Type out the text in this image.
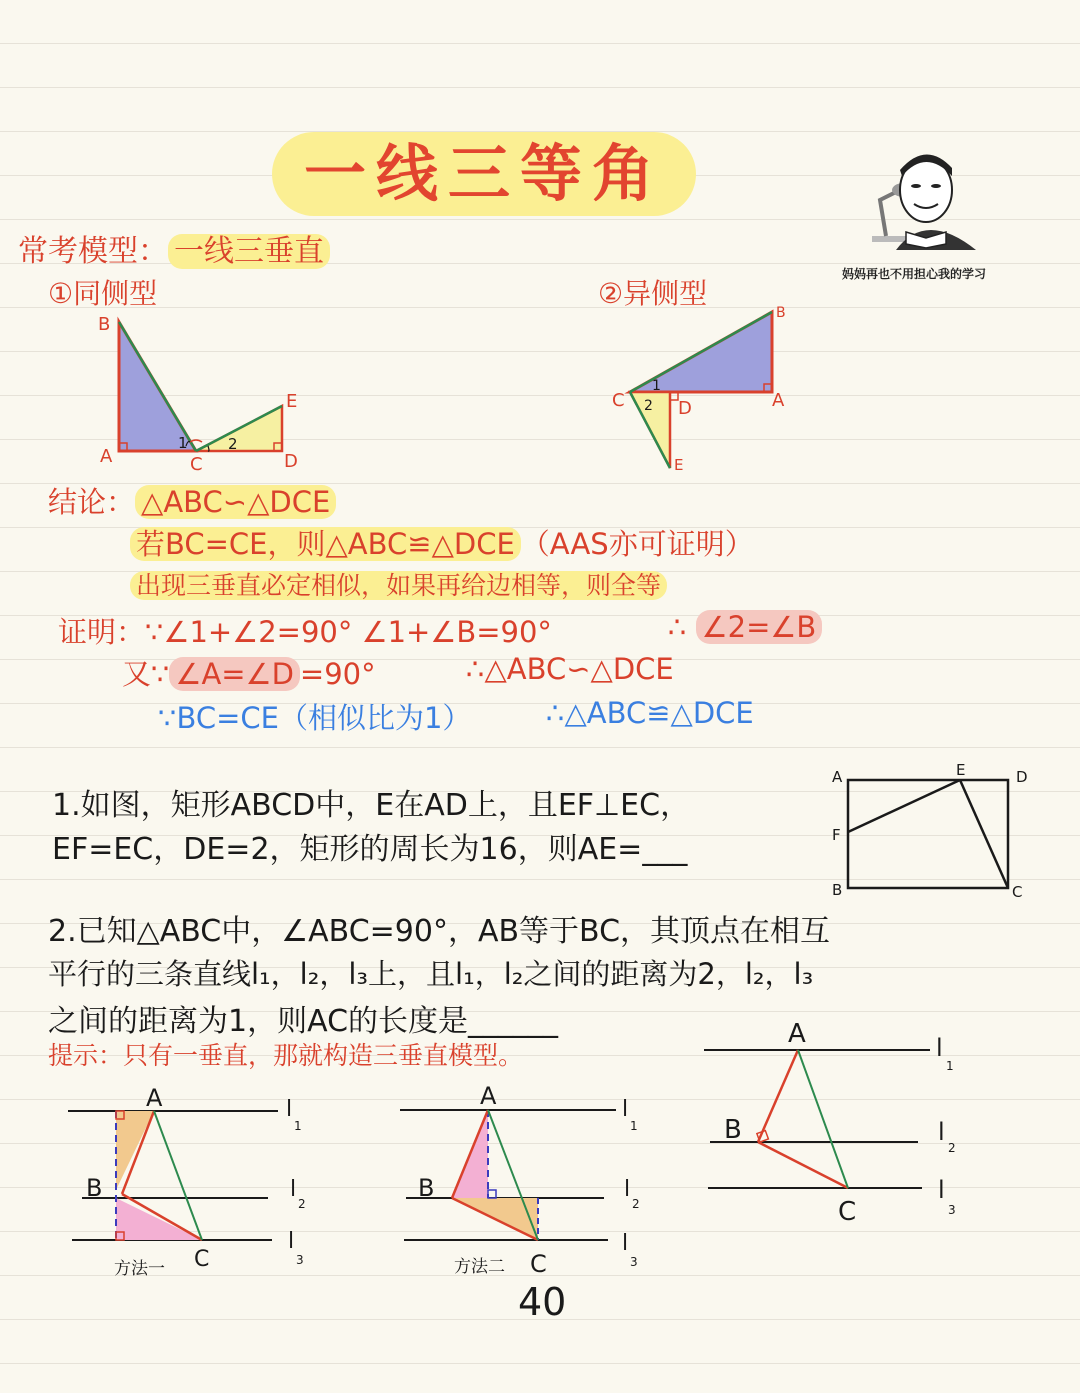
一线三等角
妈妈再也不用担心我的学习
常考模型： 一线三垂直
①同侧型	②异侧型
B
A	C
E
D
1	2
B
A
C	D
E
1
2
结论： △ABC∽△DCE
若BC=CE，则△ABC≌△DCE （AAS亦可证明）
出现三垂直必定相似，如果再给边相等，则全等
证明：∵∠1+∠2=90° ∠1+∠B=90°	∴ ∠2=∠B
又∵ ∠A=∠D =90°	∴△ABC∽△DCE
∵BC=CE（相似比为1）	∴△ABC≌△DCE
1.如图，矩形ABCD中，E在AD上，且EF⊥EC，
EF=EC，DE=2，矩形的周长为16，则AE=___
A	E	D
F
B	C
2.已知△ABC中，∠ABC=90°，AB等于BC，其顶点在相互
平行的三条直线l₁，l₂，l₃上，且l₁，l₂之间的距离为2，l₂，l₃
之间的距离为1，则AC的长度是______
提示：只有一垂直，那就构造三垂直模型。
A
B
C
方法一
l
1
l
2
l
3
A
B
C
方法二
l
1
l
2
l
3
A
B
C
l
1
l
2
l
3
40
